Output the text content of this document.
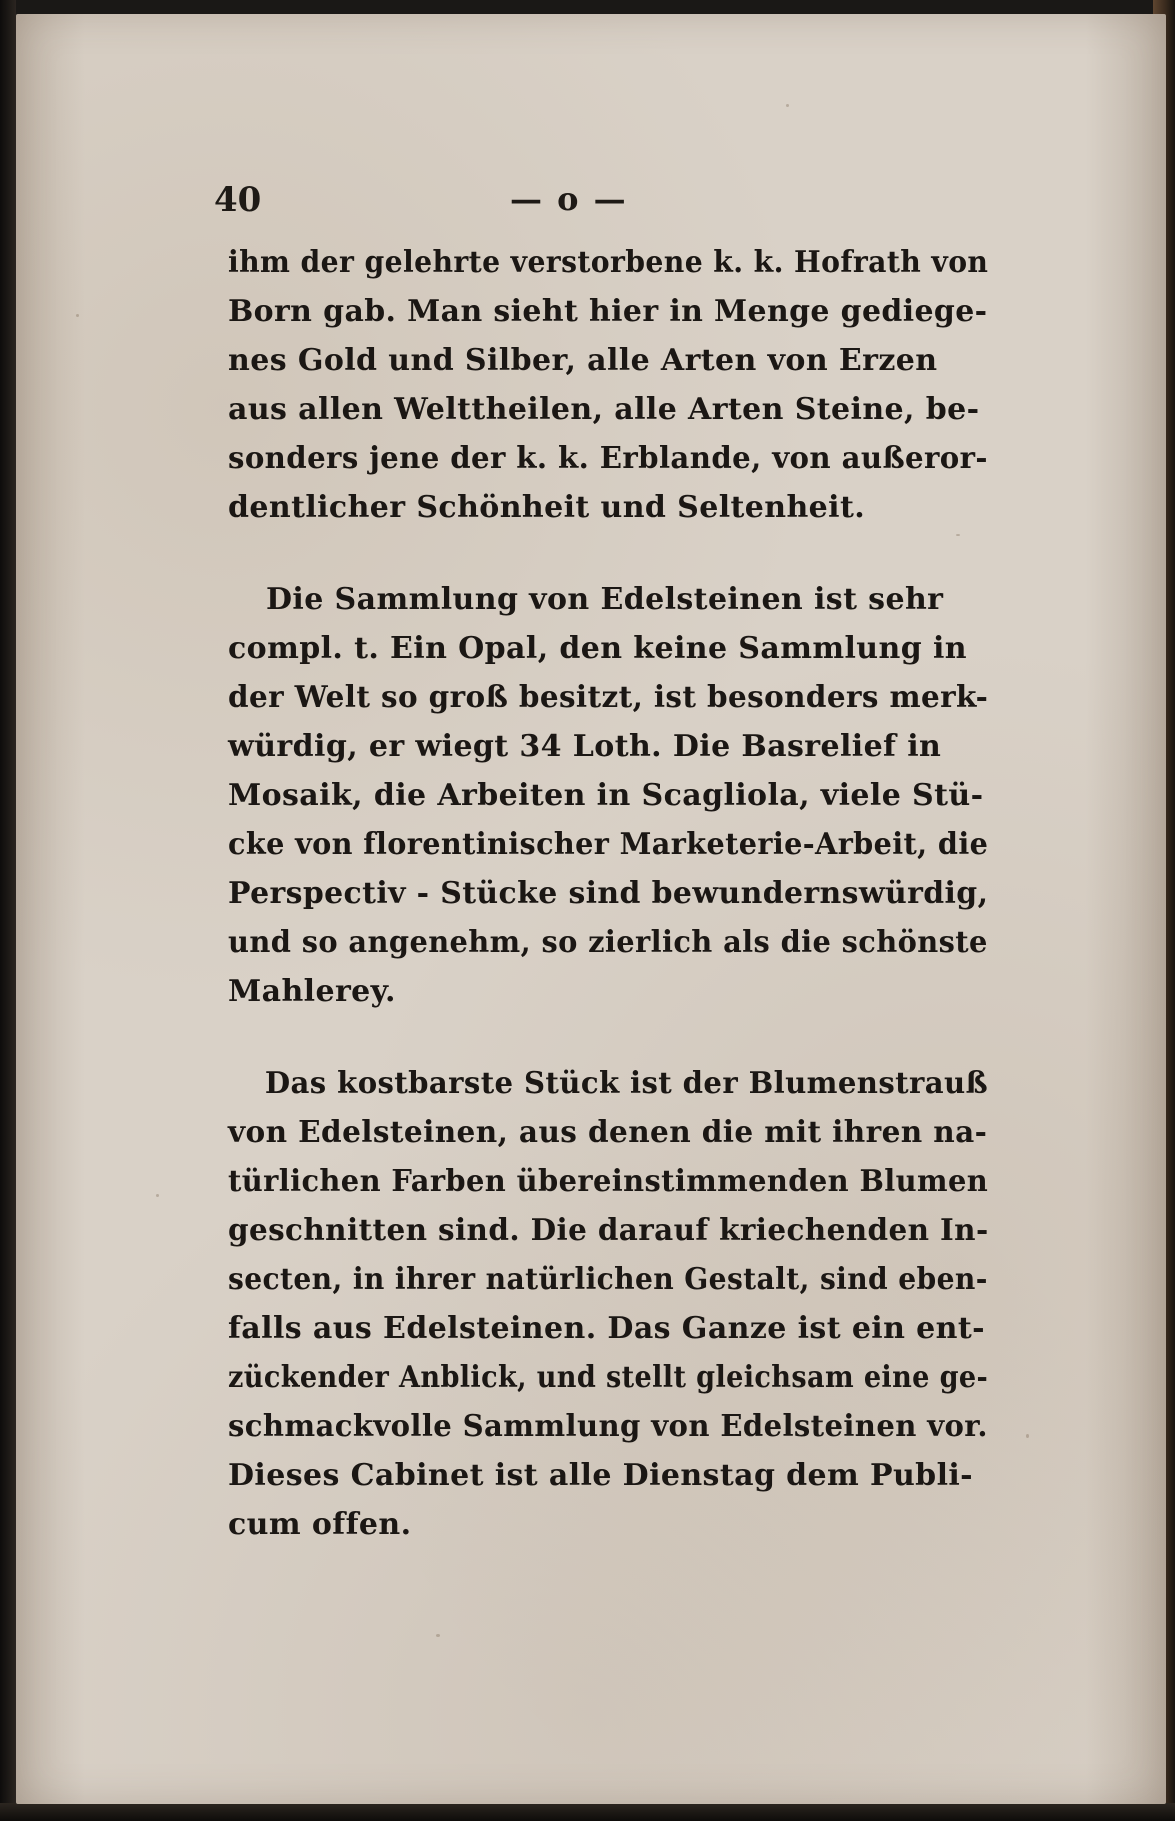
40	— o —
ihm der gelehrte verstorbene k. k. Hofrath von
Born gab. Man sieht hier in Menge gediege-
nes Gold und Silber, alle Arten von Erzen
aus allen Welttheilen, alle Arten Steine, be-
sonders jene der k. k. Erblande, von außeror-
dentlicher Schönheit und Seltenheit.
Die Sammlung von Edelsteinen ist sehr
compl. t. Ein Opal, den keine Sammlung in
der Welt so groß besitzt, ist besonders merk-
würdig, er wiegt 34 Loth. Die Basrelief in
Mosaik, die Arbeiten in Scagliola, viele Stü-
cke von florentinischer Marketerie-Arbeit, die
Perspectiv - Stücke sind bewundernswürdig,
und so angenehm, so zierlich als die schönste
Mahlerey.
Das kostbarste Stück ist der Blumenstrauß
von Edelsteinen, aus denen die mit ihren na-
türlichen Farben übereinstimmenden Blumen
geschnitten sind. Die darauf kriechenden In-
secten, in ihrer natürlichen Gestalt, sind eben-
falls aus Edelsteinen. Das Ganze ist ein ent-
zückender Anblick, und stellt gleichsam eine ge-
schmackvolle Sammlung von Edelsteinen vor.
Dieses Cabinet ist alle Dienstag dem Publi-
cum offen.
